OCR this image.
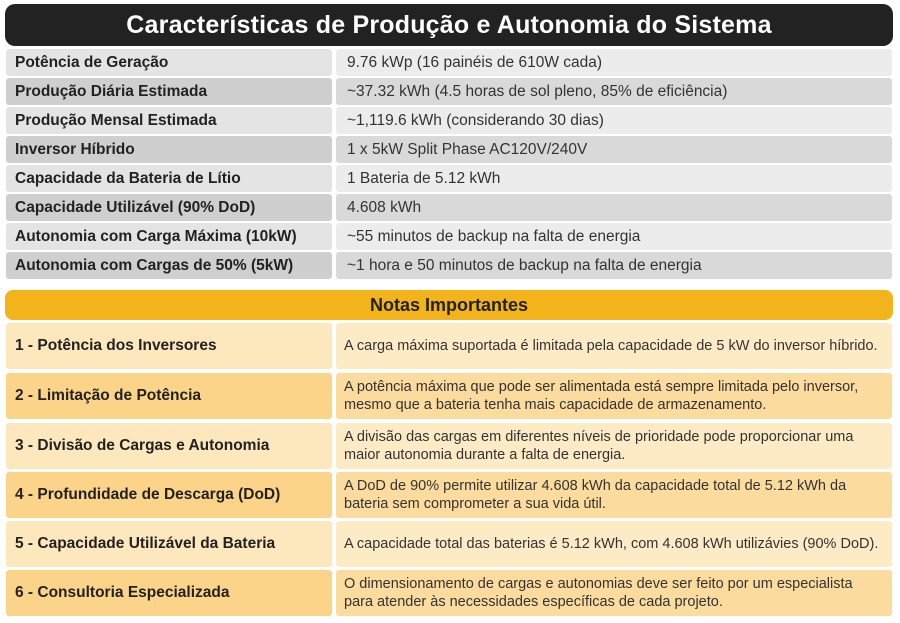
Características de Produção e Autonomia do Sistema
Potência de Geração	9.76 kWp (16 painéis de 610W cada)
Produção Diária Estimada	~37.32 kWh (4.5 horas de sol pleno, 85% de eficiência)
Produção Mensal Estimada	~1,119.6 kWh (considerando 30 dias)
Inversor Híbrido	1 x 5kW Split Phase AC120V/240V
Capacidade da Bateria de Lítio	1 Bateria de 5.12 kWh
Capacidade Utilizável (90% DoD)	4.608 kWh
Autonomia com Carga Máxima (10kW)	~55 minutos de backup na falta de energia
Autonomia com Cargas de 50% (5kW)	~1 hora e 50 minutos de backup na falta de energia
Notas Importantes
1 - Potência dos Inversores	A carga máxima suportada é limitada pela capacidade de 5 kW do inversor híbrido.
2 - Limitação de Potência	A potência máxima que pode ser alimentada está sempre limitada pelo inversor, mesmo que a bateria tenha mais capacidade de armazenamento.
3 - Divisão de Cargas e Autonomia	A divisão das cargas em diferentes níveis de prioridade pode proporcionar uma maior autonomia durante a falta de energia.
4 - Profundidade de Descarga (DoD)	A DoD de 90% permite utilizar 4.608 kWh da capacidade total de 5.12 kWh da bateria sem comprometer a sua vida útil.
5 - Capacidade Utilizável da Bateria	A capacidade total das baterias é 5.12 kWh, com 4.608 kWh utilizávies (90% DoD).
6 - Consultoria Especializada	O dimensionamento de cargas e autonomias deve ser feito por um especialista para atender às necessidades específicas de cada projeto.
